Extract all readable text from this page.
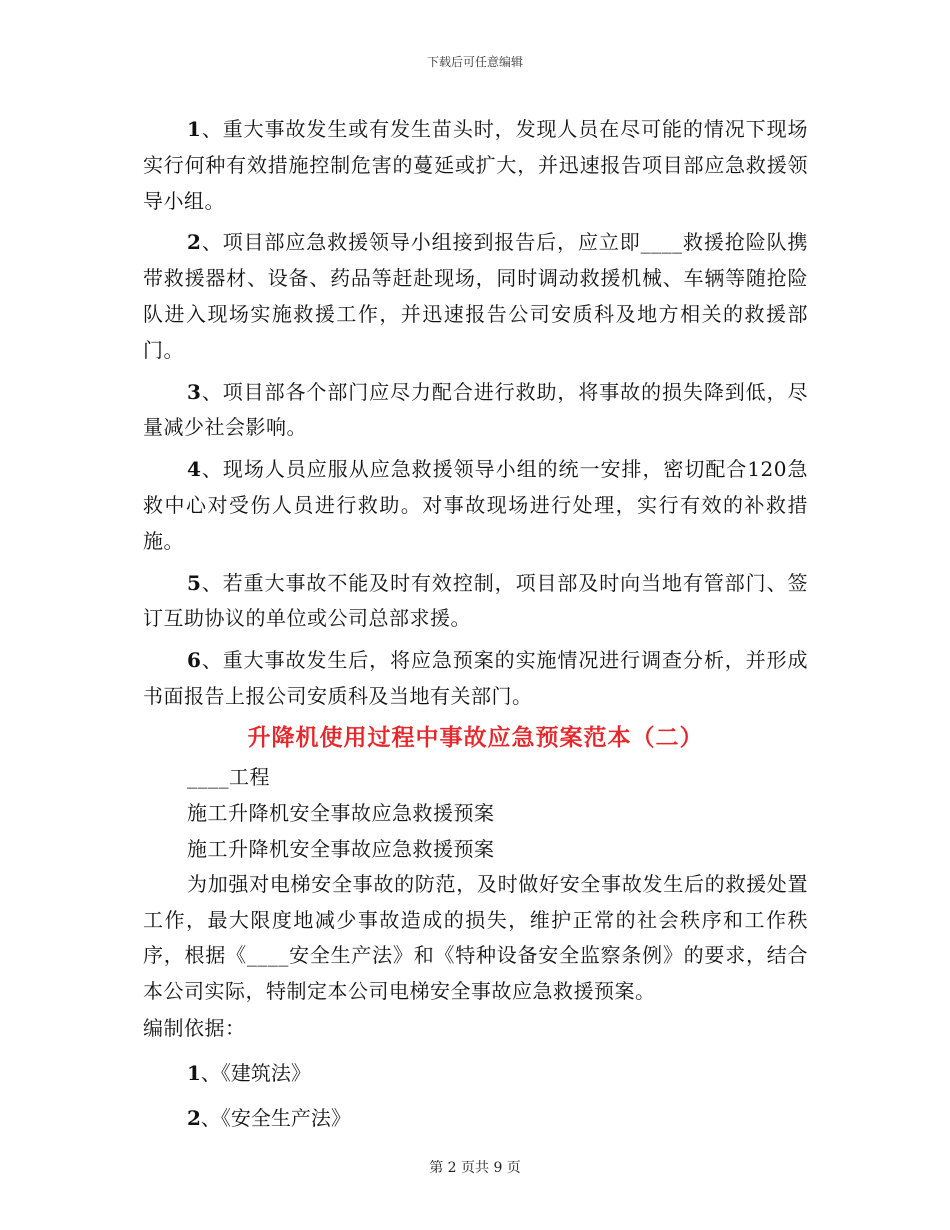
下载后可任意编辑

1、重大事故发生或有发生苗头时，发现人员在尽可能的情况下现场实行何种有效措施控制危害的蔓延或扩大，并迅速报告项目部应急救援领导小组。

2、项目部应急救援领导小组接到报告后，应立即____救援抢险队携带救援器材、设备、药品等赶赴现场，同时调动救援机械、车辆等随抢险队进入现场实施救援工作，并迅速报告公司安质科及地方相关的救援部门。

3、项目部各个部门应尽力配合进行救助，将事故的损失降到低，尽量减少社会影响。

4、现场人员应服从应急救援领导小组的统一安排，密切配合120急救中心对受伤人员进行救助。对事故现场进行处理，实行有效的补救措施。

5、若重大事故不能及时有效控制，项目部及时向当地有管部门、签订互助协议的单位或公司总部求援。

6、重大事故发生后，将应急预案的实施情况进行调查分析，并形成书面报告上报公司安质科及当地有关部门。

升降机使用过程中事故应急预案范本（二）

____工程

施工升降机安全事故应急救援预案

施工升降机安全事故应急救援预案

为加强对电梯安全事故的防范，及时做好安全事故发生后的救援处置工作，最大限度地减少事故造成的损失，维护正常的社会秩序和工作秩序，根据《____安全生产法》和《特种设备安全监察条例》的要求，结合本公司实际，特制定本公司电梯安全事故应急救援预案。

编制依据：

1、《建筑法》

2、《安全生产法》

第 2 页共 9 页
